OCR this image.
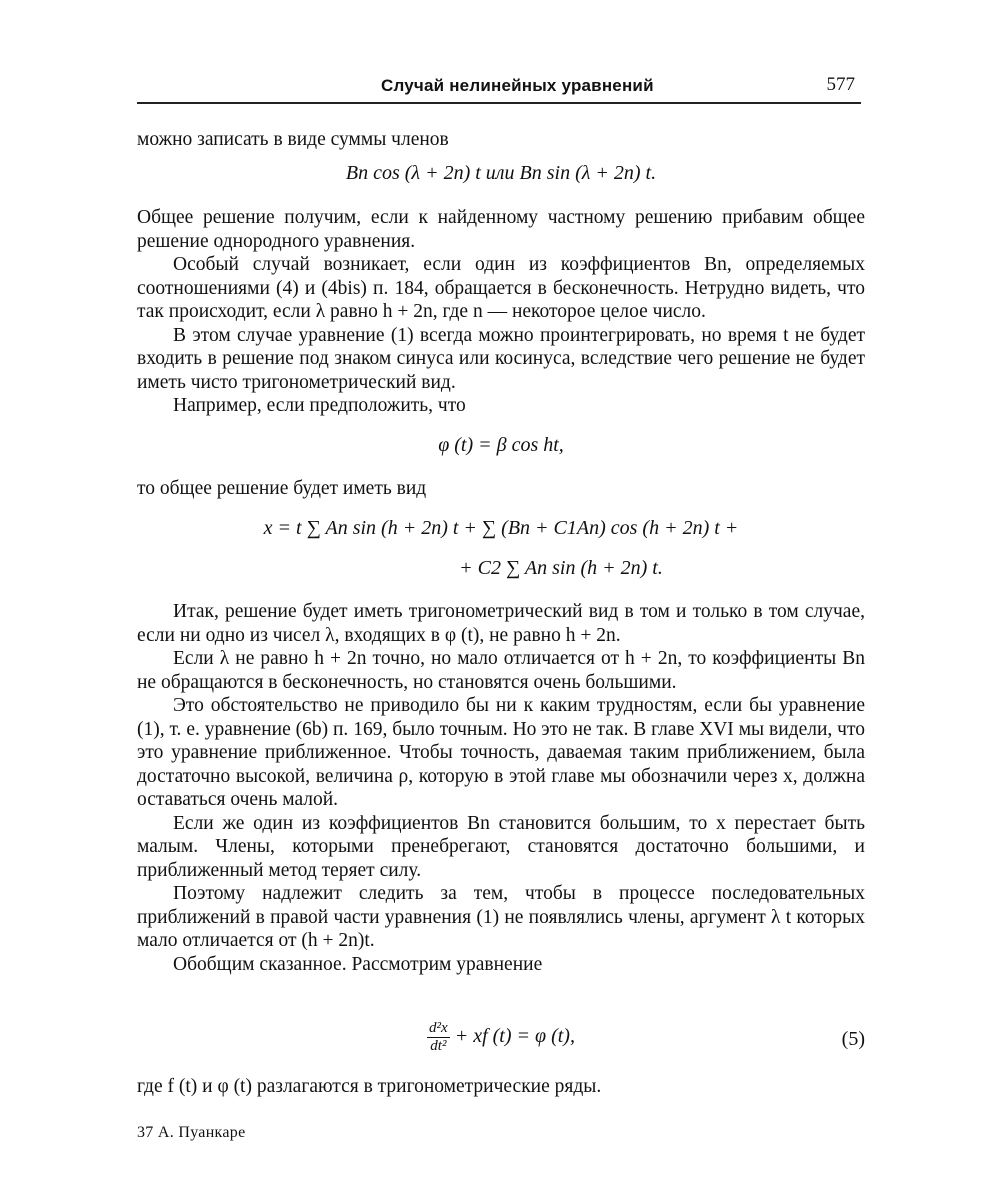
Случай нелинейных уравнений	577

можно записать в виде суммы членов

Bn cos (λ + 2n) t или Bn sin (λ + 2n) t.

Общее решение получим, если к найденному частному решению прибавим общее решение однородного уравнения.

Особый случай возникает, если один из коэффициентов Bn, определяемых соотношениями (4) и (4bis) п. 184, обращается в бесконечность. Нетрудно видеть, что так происходит, если λ равно h + 2n, где n — некоторое целое число.

В этом случае уравнение (1) всегда можно проинтегрировать, но время t не будет входить в решение под знаком синуса или косинуса, вследствие чего решение не будет иметь чисто тригонометрический вид.

Например, если предположить, что

φ (t) = β cos ht,

то общее решение будет иметь вид

x = t ∑ An sin (h + 2n) t + ∑ (Bn + C1An) cos (h + 2n) t +
+ C2 ∑ An sin (h + 2n) t.

Итак, решение будет иметь тригонометрический вид в том и только в том случае, если ни одно из чисел λ, входящих в φ (t), не равно h + 2n.

Если λ не равно h + 2n точно, но мало отличается от h + 2n, то коэффициенты Bn не обращаются в бесконечность, но становятся очень большими.

Это обстоятельство не приводило бы ни к каким трудностям, если бы уравнение (1), т. е. уравнение (6b) п. 169, было точным. Но это не так. В главе XVI мы видели, что это уравнение приближенное. Чтобы точность, даваемая таким приближением, была достаточно высокой, величина ρ, которую в этой главе мы обозначили через x, должна оставаться очень малой.

Если же один из коэффициентов Bn становится большим, то x перестает быть малым. Члены, которыми пренебрегают, становятся достаточно большими, и приближенный метод теряет силу.

Поэтому надлежит следить за тем, чтобы в процессе последовательных приближений в правой части уравнения (1) не появлялись члены, аргумент λ t которых мало отличается от (h + 2n)t.

Обобщим сказанное. Рассмотрим уравнение

$\frac{\text{d²x}}{\text{dt²}}$ + xf (t) = φ (t),	(5)

где f (t) и φ (t) разлагаются в тригонометрические ряды.

37 А. Пуанкаре
